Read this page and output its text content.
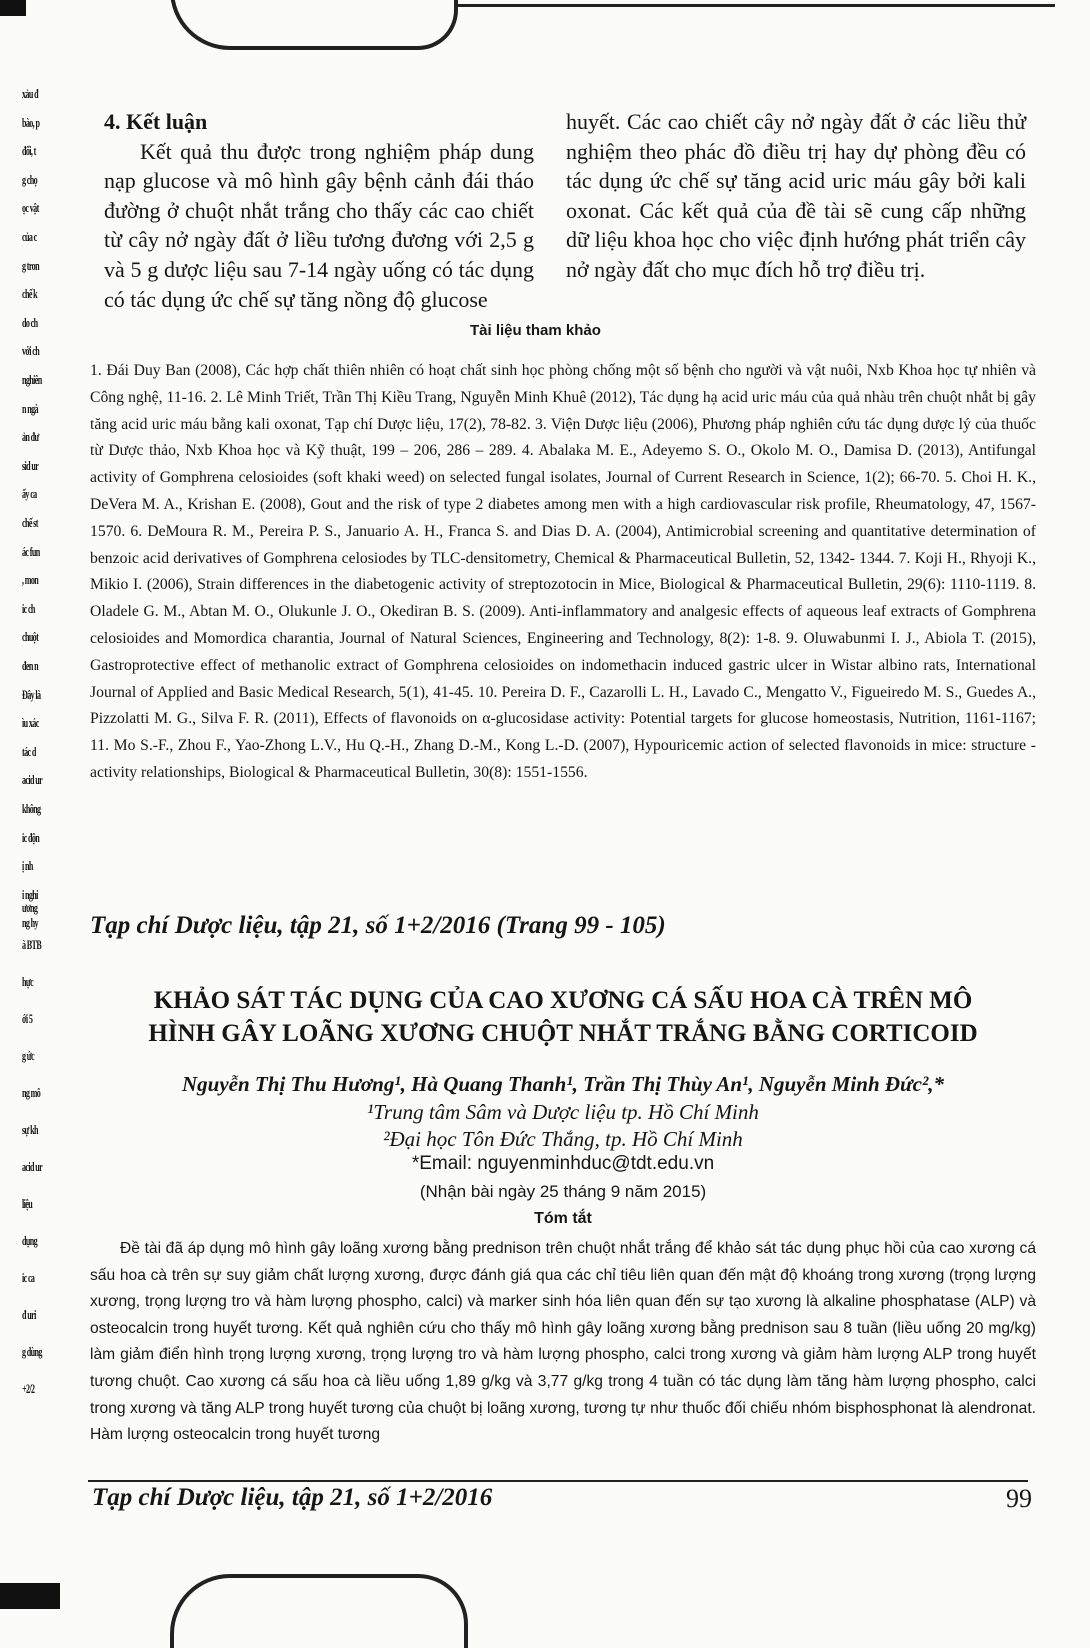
xảu đ
bào, p
đổi, t
g chọ
ọc vật
của c
g tron
chế k
do ch
với ch
nghiên
n ngà
ản đư
sid ur
ấy ca
chế st
ác fun
, mon
ic ch
chuột
đen n
Đây là
ìu xác
tác d
acid ur
không
ic độn
ị nh
i nghi
ng hy
ương
à BTB
hực
ới 5
g ức
ng mô
sự kh
acid ur
liệu
dụng
ic ca
đ uri
g dùng
+2/2

4. Kết luận

Kết quả thu được trong nghiệm pháp dung nạp glucose và mô hình gây bệnh cảnh đái tháo đường ở chuột nhắt trắng cho thấy các cao chiết từ cây nở ngày đất ở liều tương đương với 2,5 g và 5 g dược liệu sau 7-14 ngày uống có tác dụng có tác dụng ức chế sự tăng nồng độ glucose

huyết. Các cao chiết cây nở ngày đất ở các liều thử nghiệm theo phác đồ điều trị hay dự phòng đều có tác dụng ức chế sự tăng acid uric máu gây bởi kali oxonat. Các kết quả của đề tài sẽ cung cấp những dữ liệu khoa học cho việc định hướng phát triển cây nở ngày đất cho mục đích hỗ trợ điều trị.

Tài liệu tham khảo
1. Đái Duy Ban (2008), Các hợp chất thiên nhiên có hoạt chất sinh học phòng chống một số bệnh cho người và vật nuôi, Nxb Khoa học tự nhiên và Công nghệ, 11-16. 2. Lê Minh Triết, Trần Thị Kiều Trang, Nguyễn Minh Khuê (2012), Tác dụng hạ acid uric máu của quả nhàu trên chuột nhắt bị gây tăng acid uric máu bằng kali oxonat, Tạp chí Dược liệu, 17(2), 78-82. 3. Viện Dược liệu (2006), Phương pháp nghiên cứu tác dụng dược lý của thuốc từ Dược thảo, Nxb Khoa học và Kỹ thuật, 199 – 206, 286 – 289. 4. Abalaka M. E., Adeyemo S. O., Okolo M. O., Damisa D. (2013), Antifungal activity of Gomphrena celosioides (soft khaki weed) on selected fungal isolates, Journal of Current Research in Science, 1(2); 66-70. 5. Choi H. K., DeVera M. A., Krishan E. (2008), Gout and the risk of type 2 diabetes among men with a high cardiovascular risk profile, Rheumatology, 47, 1567-1570. 6. DeMoura R. M., Pereira P. S., Januario A. H., Franca S. and Dias D. A. (2004), Antimicrobial screening and quantitative determination of benzoic acid derivatives of Gomphrena celosiodes by TLC-densitometry, Chemical & Pharmaceutical Bulletin, 52, 1342- 1344. 7. Koji H., Rhyoji K., Mikio I. (2006), Strain differences in the diabetogenic activity of streptozotocin in Mice, Biological & Pharmaceutical Bulletin, 29(6): 1110-1119. 8. Oladele G. M., Abtan M. O., Olukunle J. O., Okediran B. S. (2009). Anti-inflammatory and analgesic effects of aqueous leaf extracts of Gomphrena celosioides and Momordica charantia, Journal of Natural Sciences, Engineering and Technology, 8(2): 1-8. 9. Oluwabunmi I. J., Abiola T. (2015), Gastroprotective effect of methanolic extract of Gomphrena celosioides on indomethacin induced gastric ulcer in Wistar albino rats, International Journal of Applied and Basic Medical Research, 5(1), 41-45. 10. Pereira D. F., Cazarolli L. H., Lavado C., Mengatto V., Figueiredo M. S., Guedes A., Pizzolatti M. G., Silva F. R. (2011), Effects of flavonoids on α-glucosidase activity: Potential targets for glucose homeostasis, Nutrition, 1161-1167; 11. Mo S.-F., Zhou F., Yao-Zhong L.V., Hu Q.-H., Zhang D.-M., Kong L.-D. (2007), Hypouricemic action of selected flavonoids in mice: structure - activity relationships, Biological & Pharmaceutical Bulletin, 30(8): 1551-1556.
Tạp chí Dược liệu, tập 21, số 1+2/2016 (Trang 99 - 105)
KHẢO SÁT TÁC DỤNG CỦA CAO XƯƠNG CÁ SẤU HOA CÀ TRÊN MÔ
HÌNH GÂY LOÃNG XƯƠNG CHUỘT NHẮT TRẮNG BẰNG CORTICOID
Nguyễn Thị Thu Hương¹, Hà Quang Thanh¹, Trần Thị Thùy An¹, Nguyễn Minh Đức²,*
¹Trung tâm Sâm và Dược liệu tp. Hồ Chí Minh
²Đại học Tôn Đức Thắng, tp. Hồ Chí Minh
*Email: nguyenminhduc@tdt.edu.vn
(Nhận bài ngày 25 tháng 9 năm 2015)
Tóm tắt
Đề tài đã áp dụng mô hình gây loãng xương bằng prednison trên chuột nhắt trắng để khảo sát tác dụng phục hồi của cao xương cá sấu hoa cà trên sự suy giảm chất lượng xương, được đánh giá qua các chỉ tiêu liên quan đến mật độ khoáng trong xương (trọng lượng xương, trọng lượng tro và hàm lượng phospho, calci) và marker sinh hóa liên quan đến sự tạo xương là alkaline phosphatase (ALP) và osteocalcin trong huyết tương. Kết quả nghiên cứu cho thấy mô hình gây loãng xương bằng prednison sau 8 tuần (liều uống 20 mg/kg) làm giảm điển hình trọng lượng xương, trọng lượng tro và hàm lượng phospho, calci trong xương và giảm hàm lượng ALP trong huyết tương chuột. Cao xương cá sấu hoa cà liều uống 1,89 g/kg và 3,77 g/kg trong 4 tuần có tác dụng làm tăng hàm lượng phospho, calci trong xương và tăng ALP trong huyết tương của chuột bị loãng xương, tương tự như thuốc đối chiếu nhóm bisphosphonat là alendronat. Hàm lượng osteocalcin trong huyết tương
Tạp chí Dược liệu, tập 21, số 1+2/2016	99
